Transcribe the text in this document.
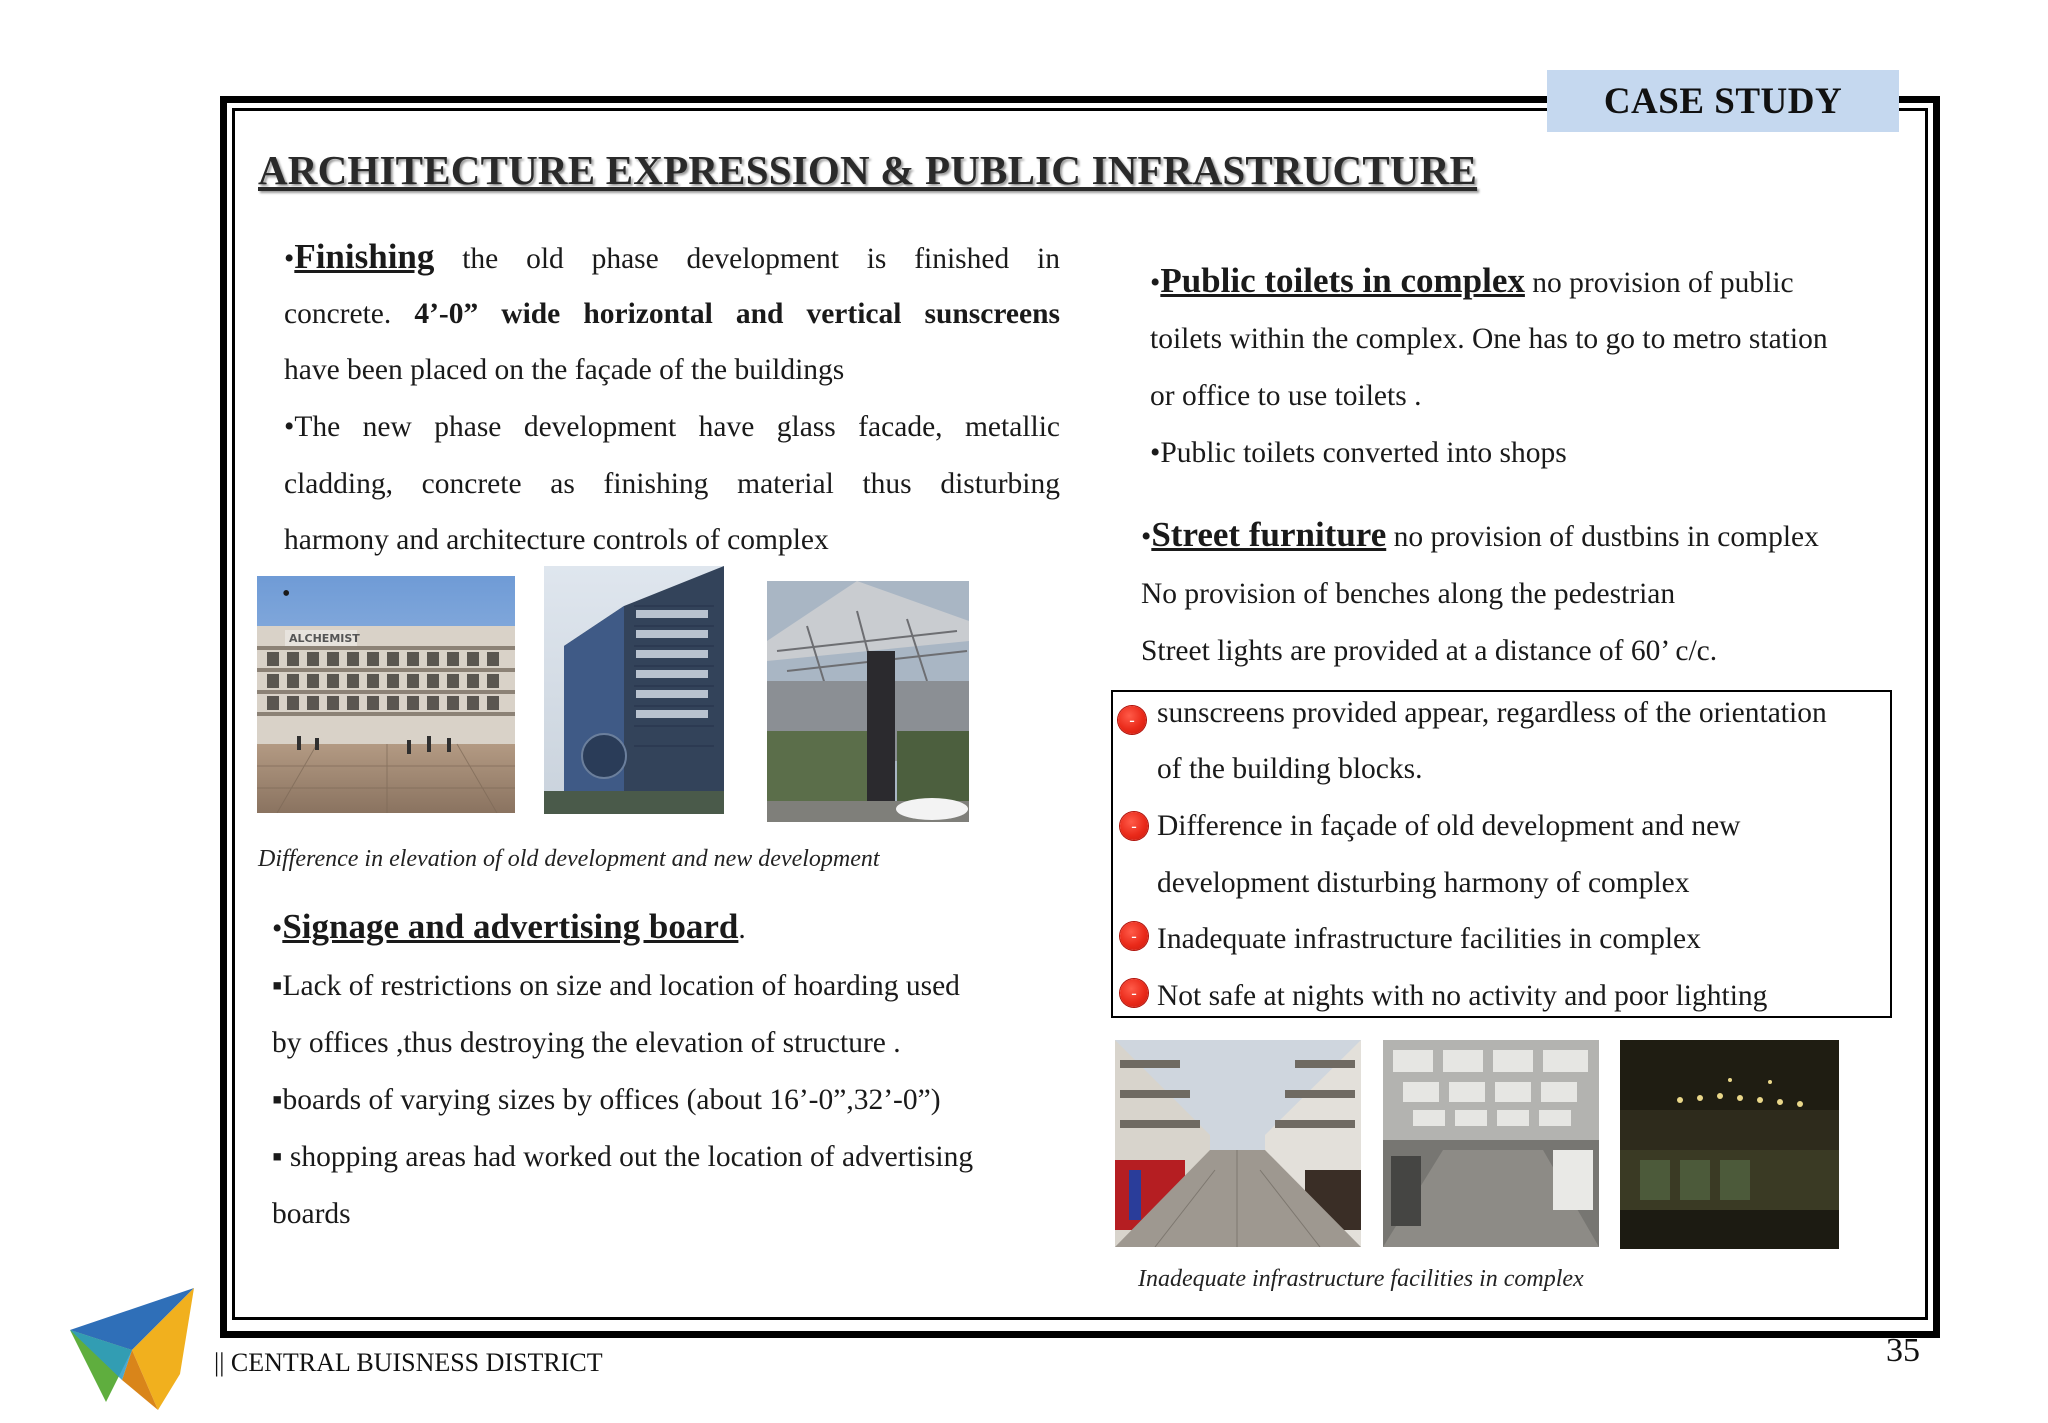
CASE STUDY
ARCHITECTURE EXPRESSION & PUBLIC INFRASTRUCTURE
•Finishing the old phase development is finished in
concrete. 4’-0” wide horizontal and vertical sunscreens
have been placed on the façade of the buildings
•The new phase development have glass facade, metallic
cladding, concrete as finishing material thus disturbing
harmony and architecture controls of complex
ALCHEMIST
•
Difference in elevation of old development and new development
•Signage and advertising board.
▪Lack of restrictions on size and location of hoarding used
by offices ,thus destroying the elevation of structure .
▪boards of varying sizes by offices (about 16’-0”,32’-0”)
▪ shopping areas had worked out the location of advertising
boards
•Public toilets in complex no provision of public
toilets within the complex. One has to go to metro station
or office to use toilets .
•Public toilets converted into shops
•Street furniture no provision of dustbins in complex
No provision of benches along the pedestrian
Street lights are provided at a distance of 60’ c/c.
- sunscreens provided appear, regardless of the orientation
of the building blocks.
- Difference in façade of old development and new
development disturbing harmony of complex
- Inadequate infrastructure facilities in complex
- Not safe at nights with no activity and poor lighting
Inadequate infrastructure facilities in complex
|| CENTRAL BUISNESS DISTRICT	35
